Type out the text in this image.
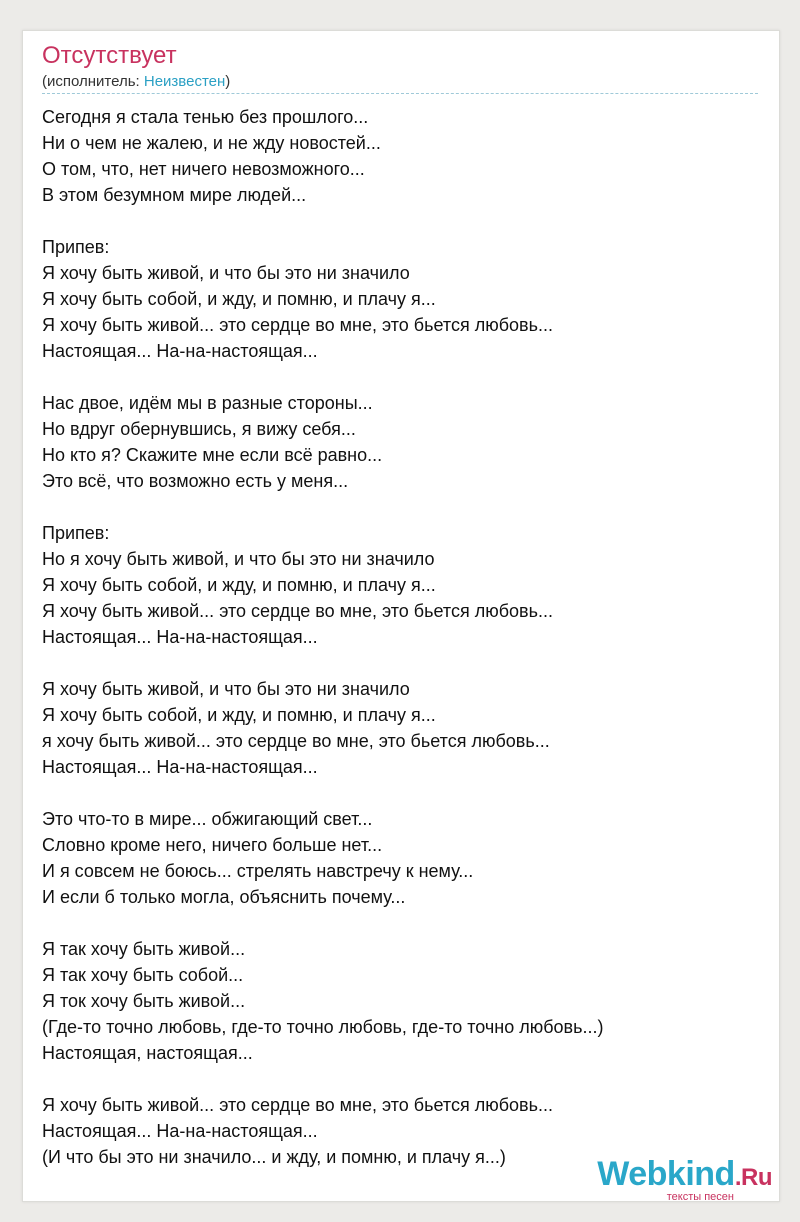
Отсутствует
(исполнитель: Неизвестен)
Сегодня я стала тенью без прошлого...
Ни о чем не жалею, и не жду новостей...
О том, что, нет ничего невозможного...
В этом безумном мире людей...
Припев:
Я хочу быть живой, и что бы это ни значило
Я хочу быть собой, и жду, и помню, и плачу я...
Я хочу быть живой... это сердце во мне, это бьется любовь...
Настоящая... На-на-настоящая...
Нас двое, идём мы в разные стороны...
Но вдруг обернувшись, я вижу себя...
Но кто я? Скажите мне если всё равно...
Это всё, что возможно есть у меня...
Припев:
Но я хочу быть живой, и что бы это ни значило
Я хочу быть собой, и жду, и помню, и плачу я...
Я хочу быть живой... это сердце во мне, это бьется любовь...
Настоящая... На-на-настоящая...
Я хочу быть живой, и что бы это ни значило
Я хочу быть собой, и жду, и помню, и плачу я...
я хочу быть живой... это сердце во мне, это бьется любовь...
Настоящая... На-на-настоящая...
Это что-то в мире... обжигающий свет...
Словно кроме него, ничего больше нет...
И я совсем не боюсь... стрелять навстречу к нему...
И если б только могла, объяснить почему...
Я так хочу быть живой...
Я так хочу быть собой...
Я ток хочу быть живой...
(Где-то точно любовь, где-то точно любовь, где-то точно любовь...)
Настоящая, настоящая...
Я хочу быть живой... это сердце во мне, это бьется любовь...
Настоящая... На-на-настоящая...
(И что бы это ни значило... и жду, и помню, и плачу я...)	Webkind.Ru
тексты песен
